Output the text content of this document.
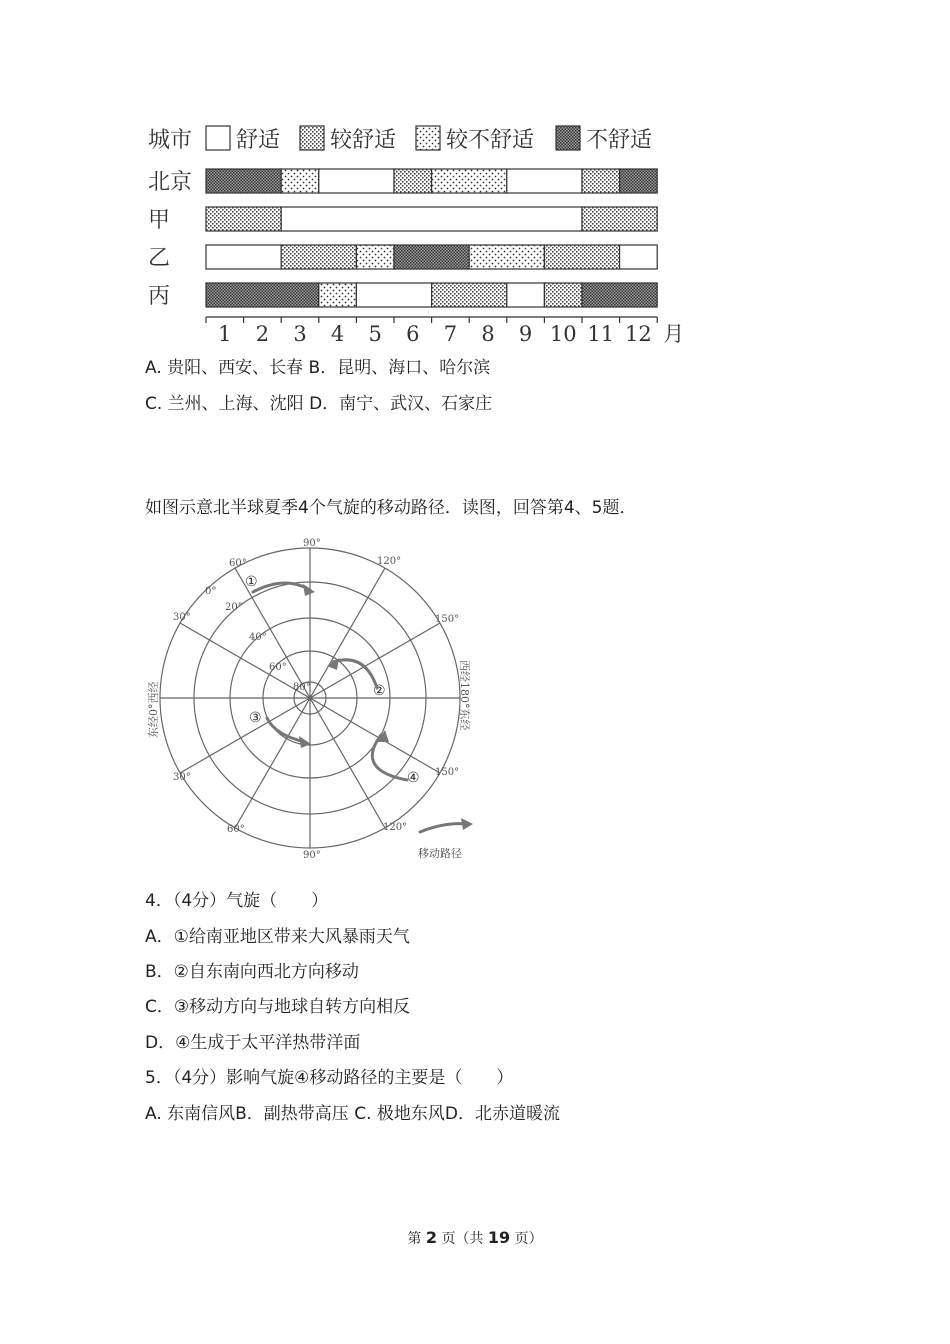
城市 舒适 较舒适 较不舒适 不舒适
北京
甲
乙
丙
1 2 3 4 5 6 7 8 9 10 11 12 月
A. 贵阳、西安、长春 B．昆明、海口、哈尔滨
C. 兰州、上海、沈阳 D．南宁、武汉、石家庄
如图示意北半球夏季4个气旋的移动路径．读图，回答第4、5题．
90°
120°
150°
150°
120°
90°
60°
30°
30°
60°
0°
20°
40°
60°
80°
东经0°西经	西经180°东经
①
②
③
④
移动路径
4．（4分）气旋（　　）
A．①给南亚地区带来大风暴雨天气
B．②自东南向西北方向移动
C．③移动方向与地球自转方向相反
D．④生成于太平洋热带洋面
5．（4分）影响气旋④移动路径的主要是（　　）
A. 东南信风B．副热带高压 C. 极地东风D．北赤道暖流
第 2 页（共 19 页）
